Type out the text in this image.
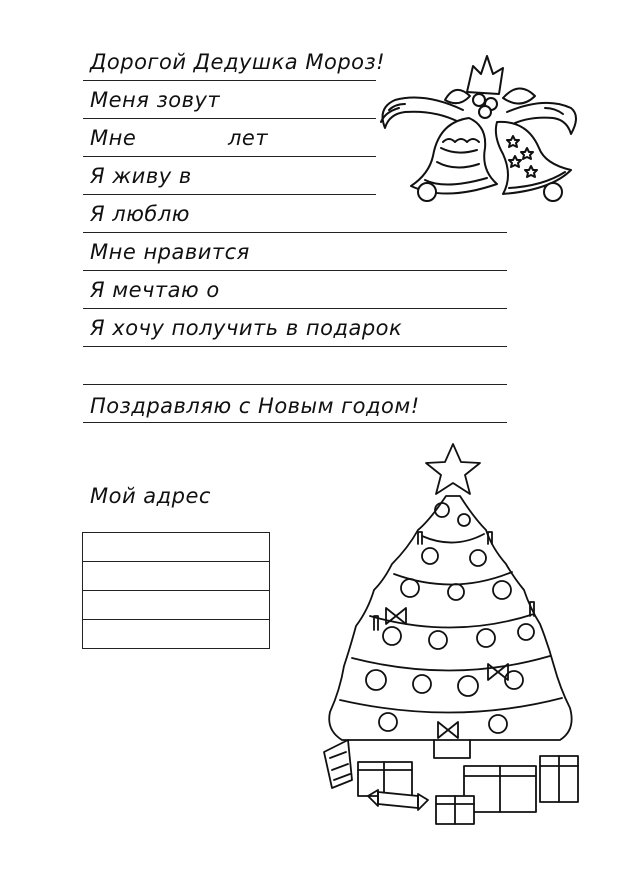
Дорогой Дедушка Мороз!
Меня зовут
Мне	лет
Я живу в
Я люблю
Мне нравится
Я мечтаю о
Я хочу получить в подарок
Поздравляю с Новым годом!
Мой адрес
